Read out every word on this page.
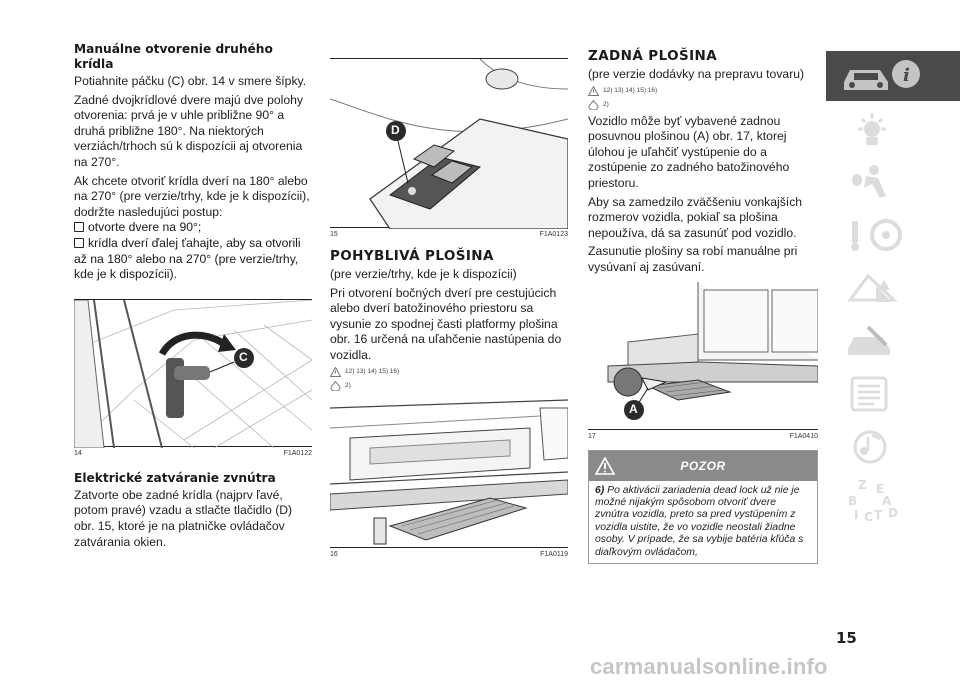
Manuálne otvorenie druhého krídla

Potiahnite páčku (C) obr. 14 v smere šípky.

Zadné dvojkrídlové dvere majú dve polohy otvorenia: prvá je v uhle približne 90° a druhá približne 180°. Na niektorých verziách/trhoch sú k dispozícii aj otvorenia na 270°.

Ak chcete otvoriť krídla dverí na 180° alebo na 270° (pre verzie/trhy, kde je k dispozícii), dodržte nasledujúci postup:

otvorte dvere na 90°;
krídla dverí ďalej ťahajte, aby sa otvorili až na 180° alebo na 270° (pre verzie/trhy, kde je k dispozícii).
C
14	F1A0122
Elektrické zatváranie zvnútra

Zatvorte obe zadné krídla (najprv ľavé, potom pravé) vzadu a stlačte tlačidlo (D) obr. 15, ktoré je na platničke ovládačov zatvárania okien.

D
15	F1A0123
POHYBLIVÁ PLOŠINA

(pre verzie/trhy, kde je k dispozícii)

Pri otvorení bočných dverí pre cestujúcich alebo dverí batožinového priestoru sa vysunie zo spodnej časti platformy plošina obr. 16 určená na uľahčenie nastúpenia do vozidla.

12) 13) 14) 15) 16)
2)
16	F1A0119
ZADNÁ PLOŠINA

(pre verzie dodávky na prepravu tovaru)

12) 13) 14) 15) 16)
2)

Vozidlo môže byť vybavené zadnou posuvnou plošinou (A) obr. 17, ktorej úlohou je uľahčiť vystúpenie do a zostúpenie zo zadného batožinového priestoru.

Aby sa zamedzilo zväčšeniu vonkajších rozmerov vozidla, pokiaľ sa plošina nepoužíva, dá sa zasunúť pod vozidlo.

Zasunutie plošiny sa robí manuálne pri vysúvaní aj zasúvaní.

A
17	F1A0410
POZOR
6) Po aktivácii zariadenia dead lock už nie je možné nijakým spôsobom otvoriť dvere zvnútra vozidla, preto sa pred vystúpením z vozidla uistite, že vo vozidle neostali žiadne osoby. V prípade, že sa vybije batéria kľúča s diaľkovým ovládačom,
i
Z E
B A
I C T D
15
carmanualsonline.info
